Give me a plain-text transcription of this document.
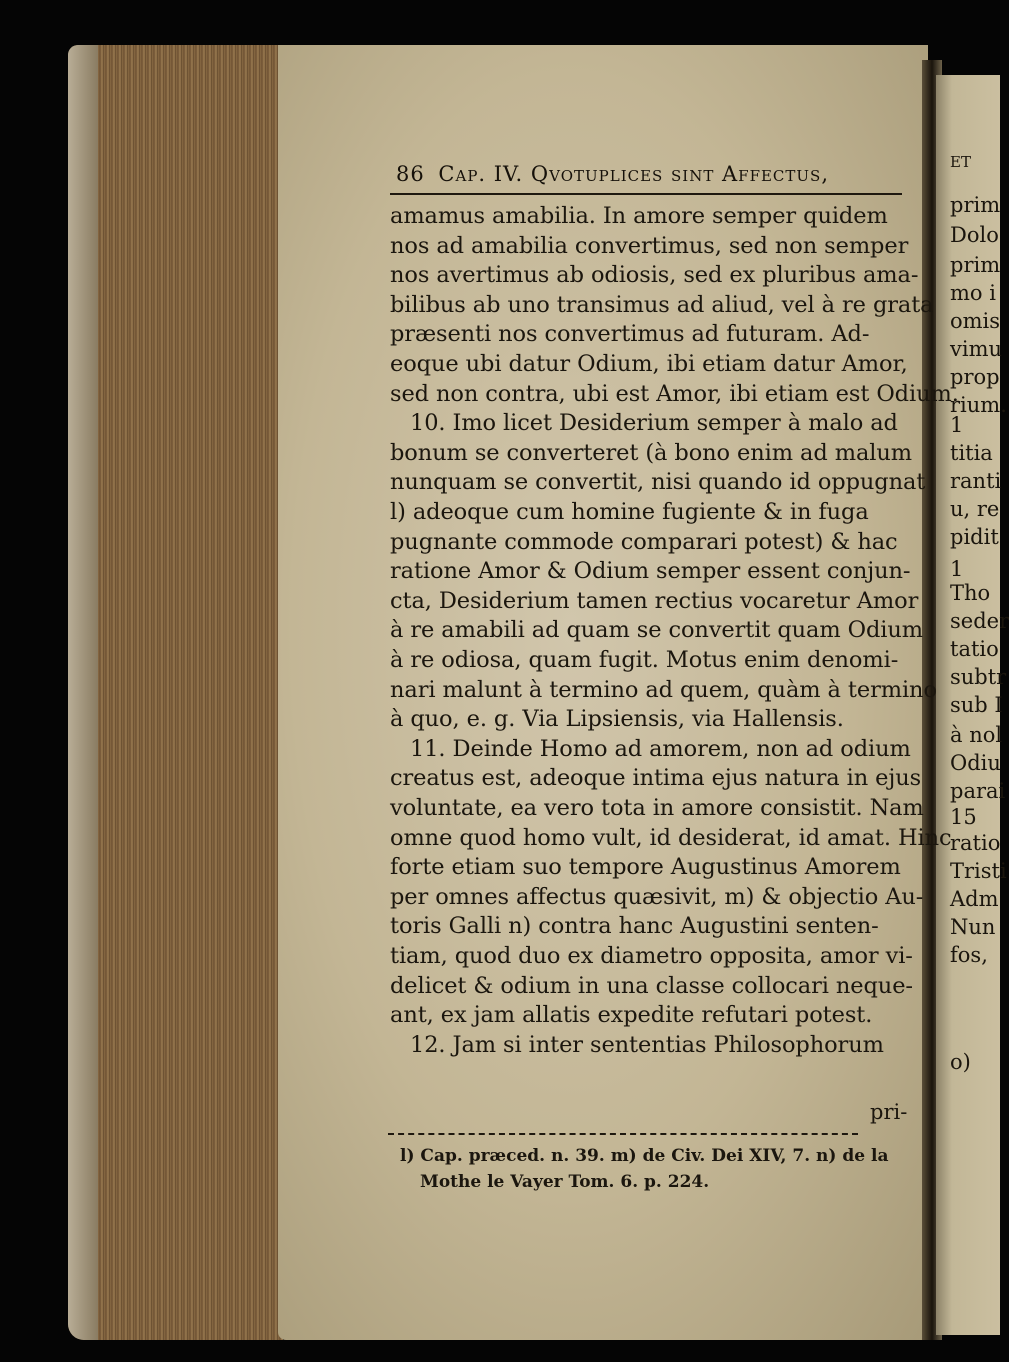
ET
prim
Dolo
prim
mo i
omis
vimu
prop
rium.
1
titia
ranti
u, re
pidit
1
Tho
seder
tatio
subtr
sub I
à nol
Odiu
parai
15
ratio
Tristi
Adm
Nun
fos,
o)
86 Cap. IV. Qvotuplices sint Affectus,
amamus amabilia. In amore semper quidem
nos ad amabilia convertimus, sed non semper
nos avertimus ab odiosis, sed ex pluribus ama-
bilibus ab uno transimus ad aliud, vel à re grata
præsenti nos convertimus ad futuram. Ad-
eoque ubi datur Odium, ibi etiam datur Amor,
sed non contra, ubi est Amor, ibi etiam est Odium.
10. Imo licet Desiderium semper à malo ad
bonum se converteret (à bono enim ad malum
nunquam se convertit, nisi quando id oppugnat
l) adeoque cum homine fugiente & in fuga
pugnante commode comparari potest) & hac
ratione Amor & Odium semper essent conjun-
cta, Desiderium tamen rectius vocaretur Amor
à re amabili ad quam se convertit quam Odium
à re odiosa, quam fugit. Motus enim denomi-
nari malunt à termino ad quem, quàm à termino
à quo, e. g. Via Lipsiensis, via Hallensis.
11. Deinde Homo ad amorem, non ad odium
creatus est, adeoque intima ejus natura in ejus
voluntate, ea vero tota in amore consistit. Nam
omne quod homo vult, id desiderat, id amat. Hinc
forte etiam suo tempore Augustinus Amorem
per omnes affectus quæsivit, m) & objectio Au-
toris Galli n) contra hanc Augustini senten-
tiam, quod duo ex diametro opposita, amor vi-
delicet & odium in una classe collocari neque-
ant, ex jam allatis expedite refutari potest.
12. Jam si inter sententias Philosophorum
pri-
l) Cap. præced. n. 39. m) de Civ. Dei XIV, 7. n) de la
Mothe le Vayer Tom. 6. p. 224.
